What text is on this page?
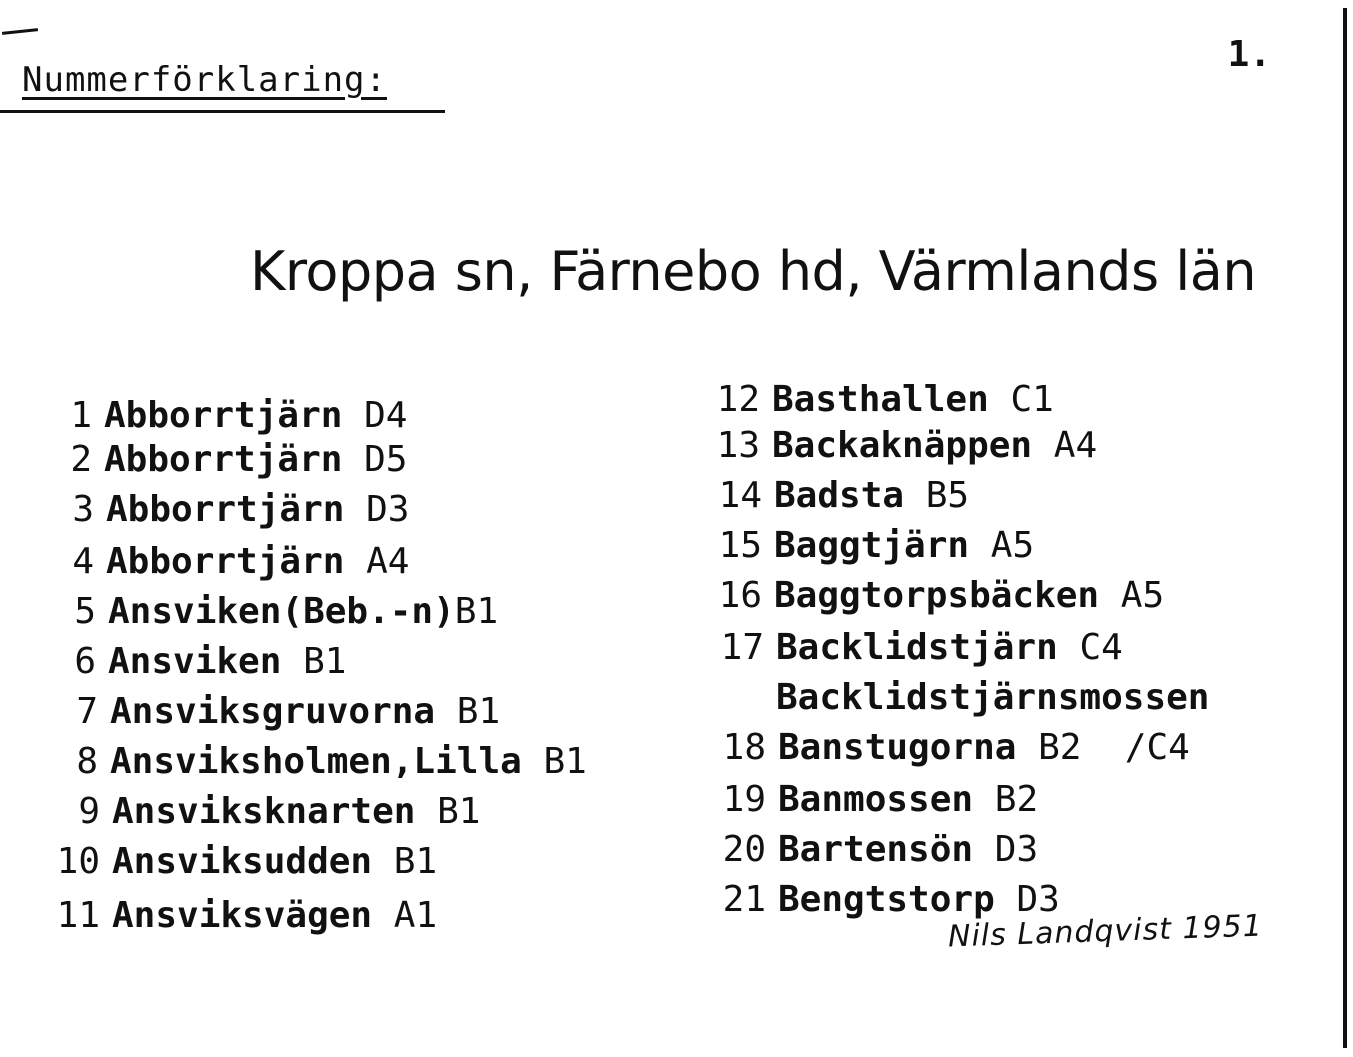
Nummerförklaring:
1.
Kroppa sn, Färnebo hd, Värmlands län
1 Abborrtjärn D4
2 Abborrtjärn D5
3 Abborrtjärn D3
4 Abborrtjärn A4
5 Ansviken(Beb.-n)B1
6 Ansviken B1
7 Ansviksgruvorna B1
8 Ansviksholmen,Lilla B1
9 Ansviksknarten B1
10 Ansviksudden B1
11 Ansviksvägen A1
12 Basthallen C1
13 Backaknäppen A4
14 Badsta B5
15 Baggtjärn A5
16 Baggtorpsbäcken A5
17 Backlidstjärn C4
Backlidstjärnsmossen
18 Banstugorna B2  /C4
19 Banmossen B2
20 Bartensön D3
21 Bengtstorp D3
Nils Landqvist 1951
